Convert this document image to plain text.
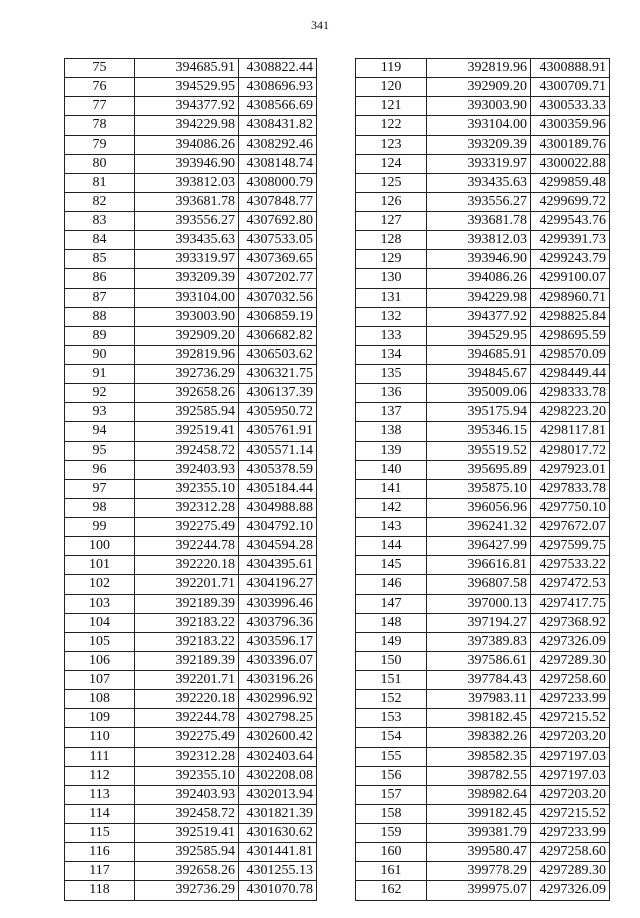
341
75	394685.91	4308822.44
76	394529.95	4308696.93
77	394377.92	4308566.69
78	394229.98	4308431.82
79	394086.26	4308292.46
80	393946.90	4308148.74
81	393812.03	4308000.79
82	393681.78	4307848.77
83	393556.27	4307692.80
84	393435.63	4307533.05
85	393319.97	4307369.65
86	393209.39	4307202.77
87	393104.00	4307032.56
88	393003.90	4306859.19
89	392909.20	4306682.82
90	392819.96	4306503.62
91	392736.29	4306321.75
92	392658.26	4306137.39
93	392585.94	4305950.72
94	392519.41	4305761.91
95	392458.72	4305571.14
96	392403.93	4305378.59
97	392355.10	4305184.44
98	392312.28	4304988.88
99	392275.49	4304792.10
100	392244.78	4304594.28
101	392220.18	4304395.61
102	392201.71	4304196.27
103	392189.39	4303996.46
104	392183.22	4303796.36
105	392183.22	4303596.17
106	392189.39	4303396.07
107	392201.71	4303196.26
108	392220.18	4302996.92
109	392244.78	4302798.25
110	392275.49	4302600.42
111	392312.28	4302403.64
112	392355.10	4302208.08
113	392403.93	4302013.94
114	392458.72	4301821.39
115	392519.41	4301630.62
116	392585.94	4301441.81
117	392658.26	4301255.13
118	392736.29	4301070.78
119	392819.96	4300888.91
120	392909.20	4300709.71
121	393003.90	4300533.33
122	393104.00	4300359.96
123	393209.39	4300189.76
124	393319.97	4300022.88
125	393435.63	4299859.48
126	393556.27	4299699.72
127	393681.78	4299543.76
128	393812.03	4299391.73
129	393946.90	4299243.79
130	394086.26	4299100.07
131	394229.98	4298960.71
132	394377.92	4298825.84
133	394529.95	4298695.59
134	394685.91	4298570.09
135	394845.67	4298449.44
136	395009.06	4298333.78
137	395175.94	4298223.20
138	395346.15	4298117.81
139	395519.52	4298017.72
140	395695.89	4297923.01
141	395875.10	4297833.78
142	396056.96	4297750.10
143	396241.32	4297672.07
144	396427.99	4297599.75
145	396616.81	4297533.22
146	396807.58	4297472.53
147	397000.13	4297417.75
148	397194.27	4297368.92
149	397389.83	4297326.09
150	397586.61	4297289.30
151	397784.43	4297258.60
152	397983.11	4297233.99
153	398182.45	4297215.52
154	398382.26	4297203.20
155	398582.35	4297197.03
156	398782.55	4297197.03
157	398982.64	4297203.20
158	399182.45	4297215.52
159	399381.79	4297233.99
160	399580.47	4297258.60
161	399778.29	4297289.30
162	399975.07	4297326.09
